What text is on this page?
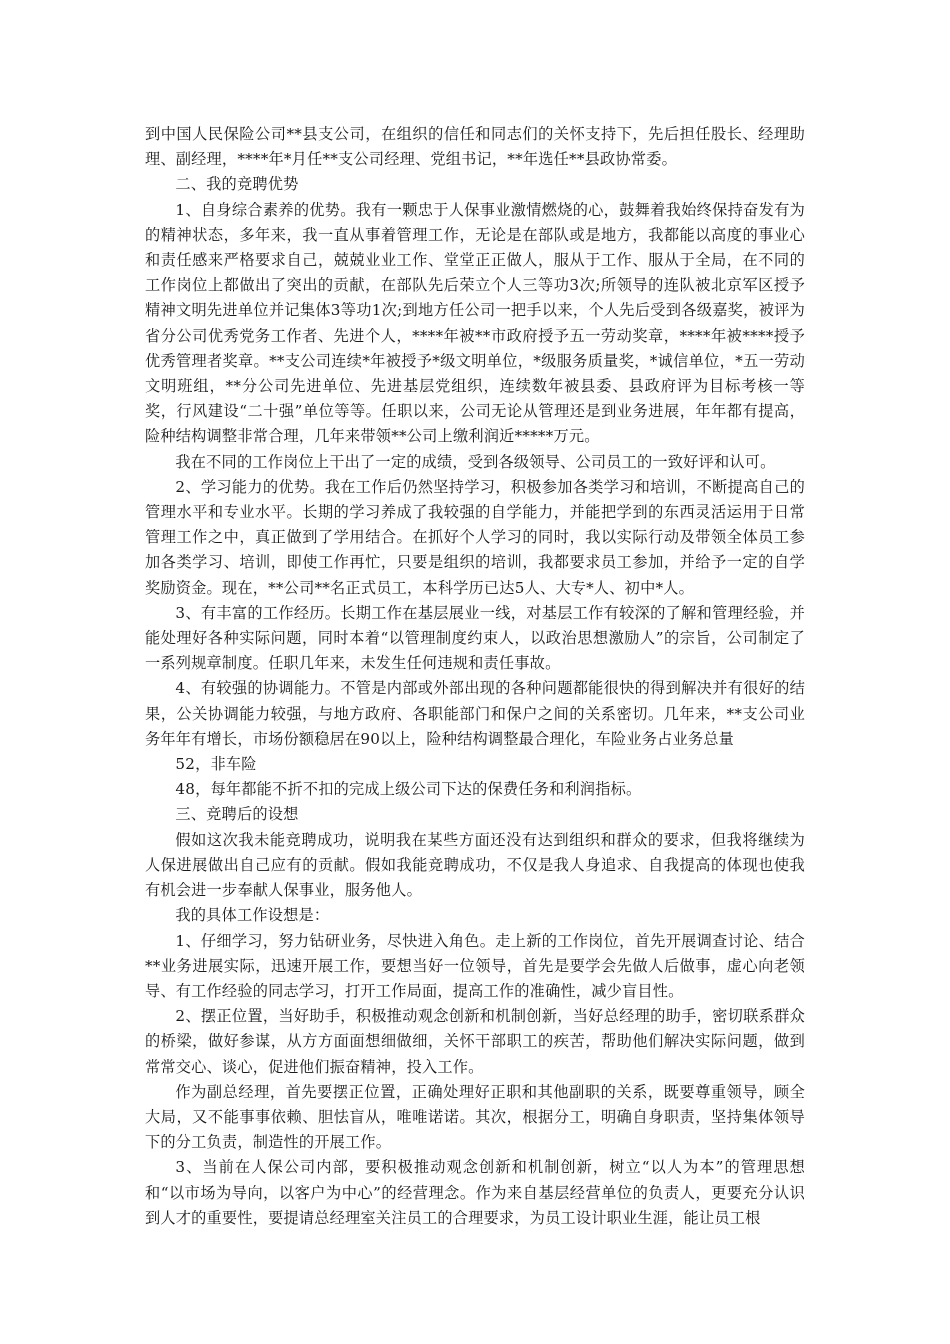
到中国人民保险公司**县支公司，在组织的信任和同志们的关怀支持下，先后担任股长、经理助理、副经理，****年*月任**支公司经理、党组书记，**年选任**县政协常委。

二、我的竞聘优势

1、自身综合素养的优势。我有一颗忠于人保事业激情燃烧的心，鼓舞着我始终保持奋发有为的精神状态，多年来，我一直从事着管理工作，无论是在部队或是地方，我都能以高度的事业心和责任感来严格要求自己，兢兢业业工作、堂堂正正做人，服从于工作、服从于全局，在不同的工作岗位上都做出了突出的贡献，在部队先后荣立个人三等功3次;所领导的连队被北京军区授予精神文明先进单位并记集体3等功1次;到地方任公司一把手以来，个人先后受到各级嘉奖，被评为省分公司优秀党务工作者、先进个人，****年被**市政府授予五一劳动奖章，****年被****授予优秀管理者奖章。**支公司连续*年被授予*级文明单位，*级服务质量奖，*诚信单位，*五一劳动文明班组，**分公司先进单位、先进基层党组织，连续数年被县委、县政府评为目标考核一等奖，行风建设“二十强”单位等等。任职以来，公司无论从管理还是到业务进展，年年都有提高，险种结构调整非常合理，几年来带领**公司上缴利润近*****万元。

我在不同的工作岗位上干出了一定的成绩，受到各级领导、公司员工的一致好评和认可。

2、学习能力的优势。我在工作后仍然坚持学习，积极参加各类学习和培训，不断提高自己的管理水平和专业水平。长期的学习养成了我较强的自学能力，并能把学到的东西灵活运用于日常管理工作之中，真正做到了学用结合。在抓好个人学习的同时，我以实际行动及带领全体员工参加各类学习、培训，即使工作再忙，只要是组织的培训，我都要求员工参加，并给予一定的自学奖励资金。现在，**公司**名正式员工，本科学历已达5人、大专*人、初中*人。

3、有丰富的工作经历。长期工作在基层展业一线，对基层工作有较深的了解和管理经验，并能处理好各种实际问题，同时本着“以管理制度约束人，以政治思想激励人”的宗旨，公司制定了一系列规章制度。任职几年来，未发生任何违规和责任事故。

4、有较强的协调能力。不管是内部或外部出现的各种问题都能很快的得到解决并有很好的结果，公关协调能力较强，与地方政府、各职能部门和保户之间的关系密切。几年来，**支公司业务年年有增长，市场份额稳居在90以上，险种结构调整最合理化，车险业务占业务总量

52，非车险

48，每年都能不折不扣的完成上级公司下达的保费任务和利润指标。

三、竞聘后的设想

假如这次我未能竞聘成功，说明我在某些方面还没有达到组织和群众的要求，但我将继续为人保进展做出自己应有的贡献。假如我能竞聘成功，不仅是我人身追求、自我提高的体现也使我有机会进一步奉献人保事业，服务他人。

我的具体工作设想是：

1、仔细学习，努力钻研业务，尽快进入角色。走上新的工作岗位，首先开展调查讨论、结合**业务进展实际，迅速开展工作，要想当好一位领导，首先是要学会先做人后做事，虚心向老领导、有工作经验的同志学习，打开工作局面，提高工作的准确性，减少盲目性。

2、摆正位置，当好助手，积极推动观念创新和机制创新，当好总经理的助手，密切联系群众的桥梁，做好参谋，从方方面面想细做细，关怀干部职工的疾苦，帮助他们解决实际问题，做到常常交心、谈心，促进他们振奋精神，投入工作。

作为副总经理，首先要摆正位置，正确处理好正职和其他副职的关系，既要尊重领导，顾全大局，又不能事事依赖、胆怯盲从，唯唯诺诺。其次，根据分工，明确自身职责，坚持集体领导下的分工负责，制造性的开展工作。

3、当前在人保公司内部，要积极推动观念创新和机制创新，树立“以人为本”的管理思想和“以市场为导向，以客户为中心”的经营理念。作为来自基层经营单位的负责人，更要充分认识到人才的重要性，要提请总经理室关注员工的合理要求，为员工设计职业生涯，能让员工根
